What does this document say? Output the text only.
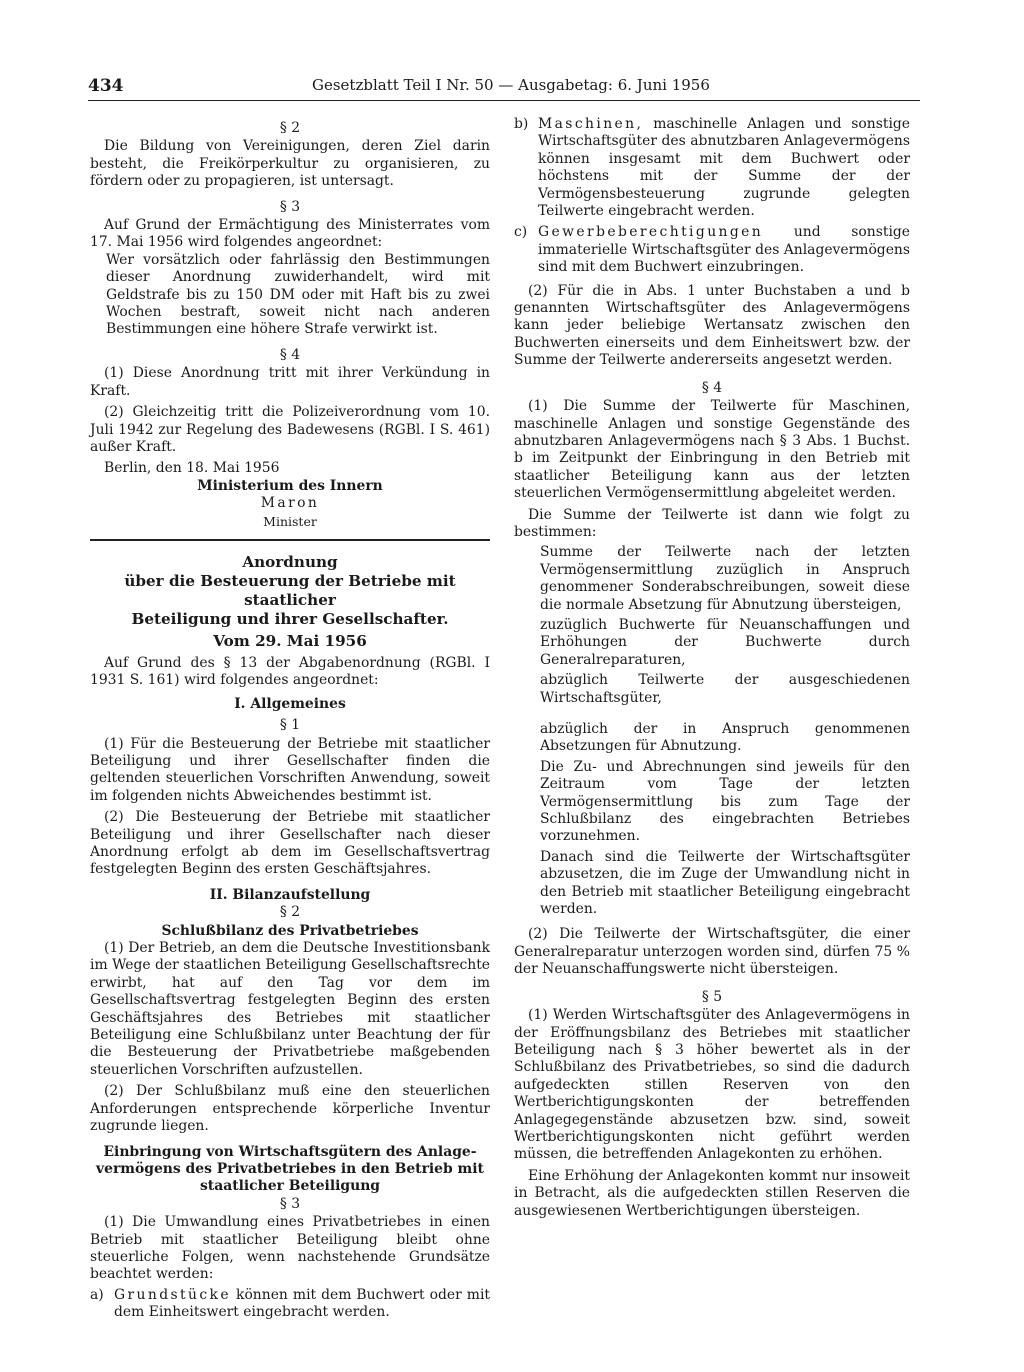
434	Gesetzblatt Teil I Nr. 50 — Ausgabetag: 6. Juni 1956

§ 2

Die Bildung von Vereinigungen, deren Ziel darin besteht, die Freikörperkultur zu organisieren, zu fördern oder zu propagieren, ist untersagt.

§ 3

Auf Grund der Ermächtigung des Ministerrates vom 17. Mai 1956 wird folgendes angeordnet:

Wer vorsätzlich oder fahrlässig den Bestimmungen dieser Anordnung zuwiderhandelt, wird mit Geldstrafe bis zu 150 DM oder mit Haft bis zu zwei Wochen bestraft, soweit nicht nach anderen Bestimmungen eine höhere Strafe verwirkt ist.

§ 4

(1) Diese Anordnung tritt mit ihrer Verkündung in Kraft.

(2) Gleichzeitig tritt die Polizeiverordnung vom 10. Juli 1942 zur Regelung des Badewesens (RGBl. I S. 461) außer Kraft.

Berlin, den 18. Mai 1956

Ministerium des Innern

Maron

Minister

Anordnung

über die Besteuerung der Betriebe mit staatlicher

Beteiligung und ihrer Gesellschafter.

Vom 29. Mai 1956

Auf Grund des § 13 der Abgabenordnung (RGBl. I 1931 S. 161) wird folgendes angeordnet:

I. Allgemeines

§ 1

(1) Für die Besteuerung der Betriebe mit staatlicher Beteiligung und ihrer Gesellschafter finden die geltenden steuerlichen Vorschriften Anwendung, soweit im folgenden nichts Abweichendes bestimmt ist.

(2) Die Besteuerung der Betriebe mit staatlicher Beteiligung und ihrer Gesellschafter nach dieser Anordnung erfolgt ab dem im Gesellschaftsvertrag festgelegten Beginn des ersten Geschäftsjahres.

II. Bilanzaufstellung

§ 2

Schlußbilanz des Privatbetriebes

(1) Der Betrieb, an dem die Deutsche Investitionsbank im Wege der staatlichen Beteiligung Gesellschaftsrechte erwirbt, hat auf den Tag vor dem im Gesellschaftsvertrag festgelegten Beginn des ersten Geschäftsjahres des Betriebes mit staatlicher Beteiligung eine Schlußbilanz unter Beachtung der für die Besteuerung der Privatbetriebe maßgebenden steuerlichen Vorschriften aufzustellen.

(2) Der Schlußbilanz muß eine den steuerlichen Anforderungen entsprechende körperliche Inventur zugrunde liegen.

Einbringung von Wirtschaftsgütern des Anlage-

vermögens des Privatbetriebes in den Betrieb mit

staatlicher Beteiligung

§ 3

(1) Die Umwandlung eines Privatbetriebes in einen Betrieb mit staatlicher Beteiligung bleibt ohne steuerliche Folgen, wenn nachstehende Grundsätze beachtet werden:

a) Grundstücke können mit dem Buchwert oder mit dem Einheitswert eingebracht werden.
b) Maschinen, maschinelle Anlagen und sonstige Wirtschaftsgüter des abnutzbaren Anlagevermögens können insgesamt mit dem Buchwert oder höchstens mit der Summe der der Vermögensbesteuerung zugrunde gelegten Teilwerte eingebracht werden.
c) Gewerbeberechtigungen und sonstige immaterielle Wirtschaftsgüter des Anlagevermögens sind mit dem Buchwert einzubringen.

(2) Für die in Abs. 1 unter Buchstaben a und b genannten Wirtschaftsgüter des Anlagevermögens kann jeder beliebige Wertansatz zwischen den Buchwerten einerseits und dem Einheitswert bzw. der Summe der Teilwerte andererseits angesetzt werden.

§ 4

(1) Die Summe der Teilwerte für Maschinen, maschinelle Anlagen und sonstige Gegenstände des abnutzbaren Anlagevermögens nach § 3 Abs. 1 Buchst. b im Zeitpunkt der Einbringung in den Betrieb mit staatlicher Beteiligung kann aus der letzten steuerlichen Vermögensermittlung abgeleitet werden.

Die Summe der Teilwerte ist dann wie folgt zu bestimmen:

Summe der Teilwerte nach der letzten Vermögensermittlung zuzüglich in Anspruch genommener Sonderabschreibungen, soweit diese die normale Absetzung für Abnutzung übersteigen,

zuzüglich Buchwerte für Neuanschaffungen und Erhöhungen der Buchwerte durch Generalreparaturen,

abzüglich Teilwerte der ausgeschiedenen Wirtschaftsgüter,

abzüglich der in Anspruch genommenen Absetzungen für Abnutzung.

Die Zu- und Abrechnungen sind jeweils für den Zeitraum vom Tage der letzten Vermögensermittlung bis zum Tage der Schlußbilanz des eingebrachten Betriebes vorzunehmen.

Danach sind die Teilwerte der Wirtschaftsgüter abzusetzen, die im Zuge der Umwandlung nicht in den Betrieb mit staatlicher Beteiligung eingebracht werden.

(2) Die Teilwerte der Wirtschaftsgüter, die einer Generalreparatur unterzogen worden sind, dürfen 75 % der Neuanschaffungswerte nicht übersteigen.

§ 5

(1) Werden Wirtschaftsgüter des Anlagevermögens in der Eröffnungsbilanz des Betriebes mit staatlicher Beteiligung nach § 3 höher bewertet als in der Schlußbilanz des Privatbetriebes, so sind die dadurch aufgedeckten stillen Reserven von den Wertberichtigungskonten der betreffenden Anlagegegenstände abzusetzen bzw. sind, soweit Wertberichtigungskonten nicht geführt werden müssen, die betreffenden Anlagekonten zu erhöhen.

Eine Erhöhung der Anlagekonten kommt nur insoweit in Betracht, als die aufgedeckten stillen Reserven die ausgewiesenen Wertberichtigungen übersteigen.
